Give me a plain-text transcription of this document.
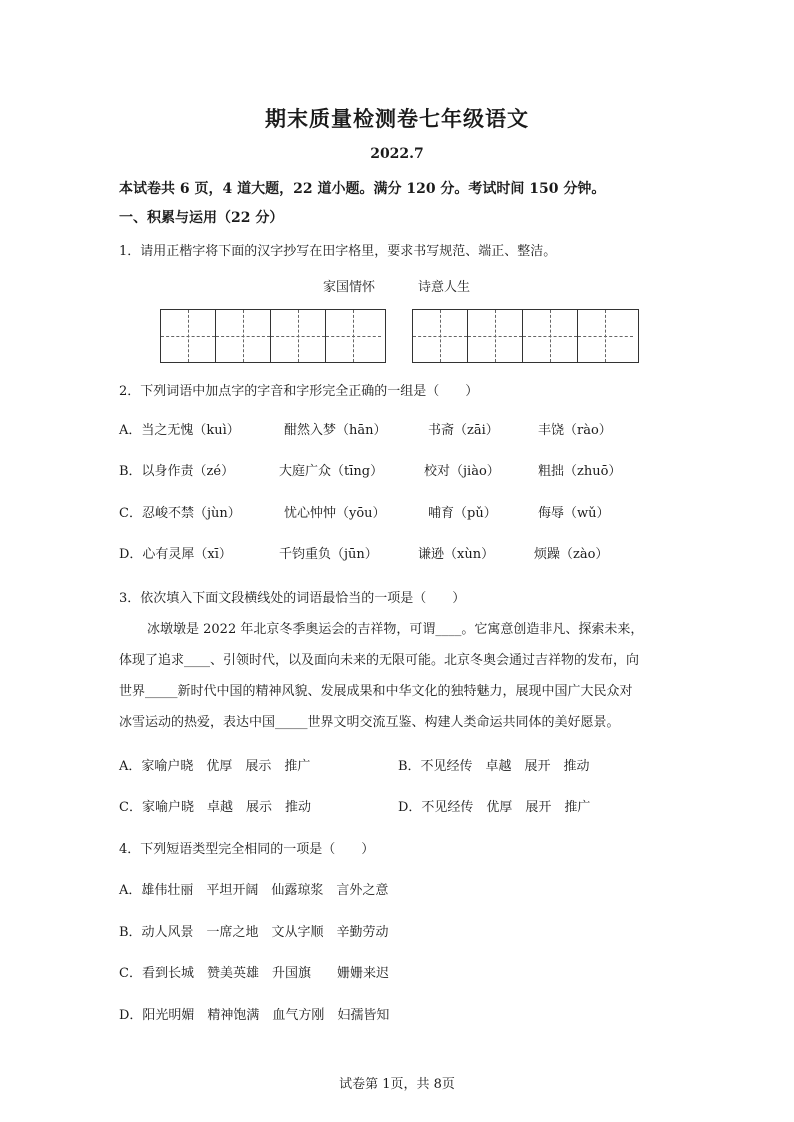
期末质量检测卷七年级语文
2022.7
本试卷共 6 页，4 道大题，22 道小题。满分 120 分。考试时间 150 分钟。
一、积累与运用（22 分）
1．请用正楷字将下面的汉字抄写在田字格里，要求书写规范、端正、整洁。
家国情怀	诗意人生
2．下列词语中加点字的字音和字形完全正确的一组是（　　）
A．当之无愧（kuì）	酣然入梦（hān）	书斋（zāi）	丰饶（rào）
B．以身作责（zé）	大庭广众（tīng）	校对（jiào）	粗拙（zhuō）
C．忍峻不禁（jùn）	忧心忡忡（yōu）	哺育（pǔ）	侮辱（wǔ）
D．心有灵犀（xī）	千钧重负（jūn）	谦逊（xùn）	烦躁（zào）
3．依次填入下面文段横线处的词语最恰当的一项是（　　）
冰墩墩是 2022 年北京冬季奥运会的吉祥物，可谓____。它寓意创造非凡、探索未来，
体现了追求____、引领时代，以及面向未来的无限可能。北京冬奥会通过吉祥物的发布，向
世界_____新时代中国的精神风貌、发展成果和中华文化的独特魅力，展现中国广大民众对
冰雪运动的热爱，表达中国_____世界文明交流互鉴、构建人类命运共同体的美好愿景。
A．家喻户晓　优厚　展示　推广	B．不见经传　卓越　展开　推动
C．家喻户晓　卓越　展示　推动	D．不见经传　优厚　展开　推广
4．下列短语类型完全相同的一项是（　　）
A．雄伟壮丽　平坦开阔　仙露琼浆　言外之意
B．动人风景　一席之地　文从字顺　辛勤劳动
C．看到长城　赞美英雄　升国旗　　姗姗来迟
D．阳光明媚　精神饱满　血气方刚　妇孺皆知
试卷第 1页，共 8页
